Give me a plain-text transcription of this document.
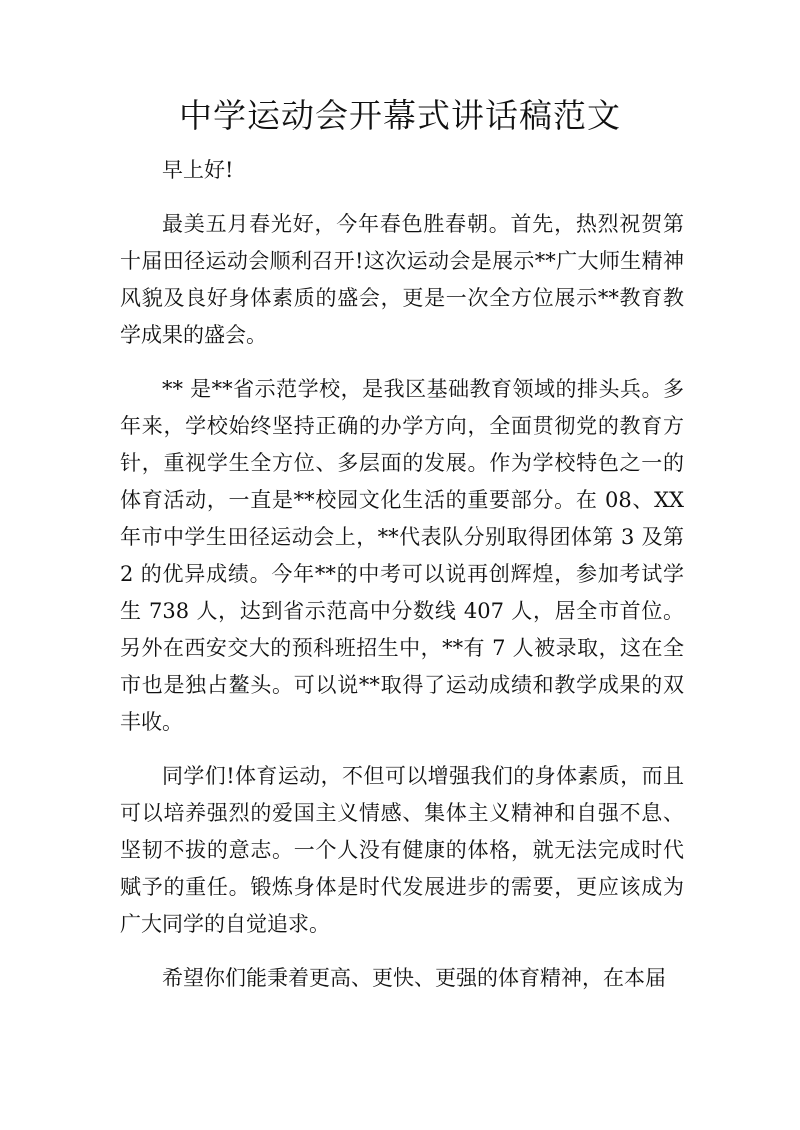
中学运动会开幕式讲话稿范文

早上好!

最美五月春光好，今年春色胜春朝。首先，热烈祝贺第十届田径运动会顺利召开!这次运动会是展示**广大师生精神风貌及良好身体素质的盛会，更是一次全方位展示**教育教学成果的盛会。

** 是**省示范学校，是我区基础教育领域的排头兵。多年来，学校始终坚持正确的办学方向，全面贯彻党的教育方针，重视学生全方位、多层面的发展。作为学校特色之一的体育活动，一直是**校园文化生活的重要部分。在 08、XX 年市中学生田径运动会上，**代表队分别取得团体第 3 及第 2 的优异成绩。今年**的中考可以说再创辉煌，参加考试学生 738 人，达到省示范高中分数线 407 人，居全市首位。另外在西安交大的预科班招生中，**有 7 人被录取，这在全市也是独占鳌头。可以说**取得了运动成绩和教学成果的双丰收。

同学们!体育运动，不但可以增强我们的身体素质，而且可以培养强烈的爱国主义情感、集体主义精神和自强不息、坚韧不拔的意志。一个人没有健康的体格，就无法完成时代赋予的重任。锻炼身体是时代发展进步的需要，更应该成为广大同学的自觉追求。

希望你们能秉着更高、更快、更强的体育精神，在本届
